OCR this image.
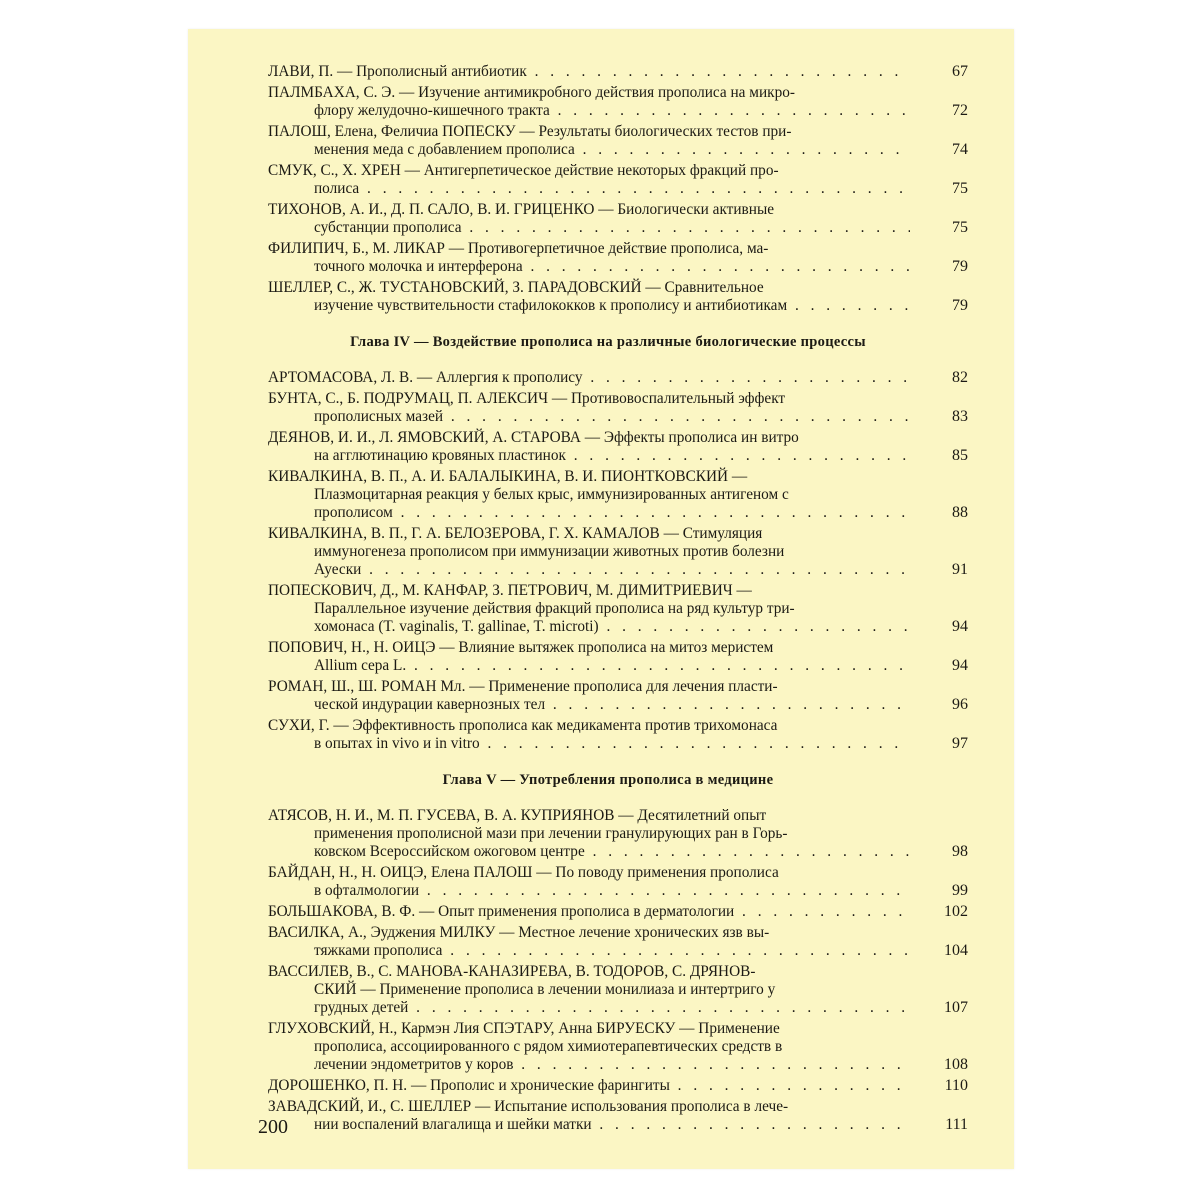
ЛАВИ, П. — Прополисный антибиотик . . .	67
ПАЛМБАХА, С. Э. — Изучение антимикробного действия прополиса на микро-
флору желудочно-кишечного тракта . . .	72
ПАЛОШ, Елена, Феличиа ПОПЕСКУ — Результаты биологических тестов при-
менения меда с добавлением прополиса . . .	74
СМУК, С., Х. ХРЕН — Антигерпетическое действие некоторых фракций про-
полиса . . .	75
ТИХОНОВ, А. И., Д. П. САЛО, В. И. ГРИЦЕНКО — Биологически активные
субстанции прополиса . . .	75
ФИЛИПИЧ, Б., М. ЛИКАР — Противогерпетичное действие прополиса, ма-
точного молочка и интерферона . . .	79
ШЕЛЛЕР, С., Ж. ТУСТАНОВСКИЙ, З. ПАРАДОВСКИЙ — Сравнительное
изучение чувствительности стафилококков к прополису и антибиотикам . . .	79
Глава IV — Воздействие прополиса на различные биологические процессы
АРТОМАСОВА, Л. В. — Аллергия к прополису . . .	82
БУНТА, С., Б. ПОДРУМАЦ, П. АЛЕКСИЧ — Противовоспалительный эффект
прополисных мазей . . .	83
ДЕЯНОВ, И. И., Л. ЯМОВСКИЙ, А. СТАРОВА — Эффекты прополиса ин витро
на агглютинацию кровяных пластинок . . .	85
КИВАЛКИНА, В. П., А. И. БАЛАЛЫКИНА, В. И. ПИОНТКОВСКИЙ —
Плазмоцитарная реакция у белых крыс, иммунизированных антигеном с
прополисом . . .	88
КИВАЛКИНА, В. П., Г. А. БЕЛОЗЕРОВА, Г. Х. КАМАЛОВ — Стимуляция
иммуногенеза прополисом при иммунизации животных против болезни
Ауески . . .	91
ПОПЕСКОВИЧ, Д., М. КАНФАР, З. ПЕТРОВИЧ, М. ДИМИТРИЕВИЧ —
Параллельное изучение действия фракций прополиса на ряд культур три-
хомонаса (T. vaginalis, T. gallinae, T. microti) . . .	94
ПОПОВИЧ, Н., Н. ОИЦЭ — Влияние вытяжек прополиса на митоз меристем
Allium cepa L. . . .	94
РОМАН, Ш., Ш. РОМАН Мл. — Применение прополиса для лечения пласти-
ческой индурации кавернозных тел . . .	96
СУХИ, Г. — Эффективность прополиса как медикамента против трихомонаса
в опытах in vivo и in vitro . . .	97
Глава V — Употребления прополиса в медицине
АТЯСОВ, Н. И., М. П. ГУСЕВА, В. А. КУПРИЯНОВ — Десятилетний опыт
применения прополисной мази при лечении гранулирующих ран в Горь-
ковском Всероссийском ожоговом центре . . .	98
БАЙДАН, Н., Н. ОИЦЭ, Елена ПАЛОШ — По поводу применения прополиса
в офталмологии . . .	99
БОЛЬШАКОВА, В. Ф. — Опыт применения прополиса в дерматологии . . .	102
ВАСИЛКА, А., Эуджения МИЛКУ — Местное лечение хронических язв вы-
тяжками прополиса . . .	104
ВАССИЛЕВ, В., С. МАНОВА-КАНАЗИРЕВА, В. ТОДОРОВ, С. ДРЯНОВ-
СКИЙ — Применение прополиса в лечении монилиаза и интертриго у
грудных детей . . .	107
ГЛУХОВСКИЙ, Н., Кармэн Лия СПЭТАРУ, Анна БИРУЕСКУ — Применение
прополиса, ассоциированного с рядом химиотерапевтических средств в
лечении эндометритов у коров . . .	108
ДОРОШЕНКО, П. Н. — Прополис и хронические фарингиты . . .	110
ЗАВАДСКИЙ, И., С. ШЕЛЛЕР — Испытание использования прополиса в лече-
нии воспалений влагалища и шейки матки . . .	111
200
